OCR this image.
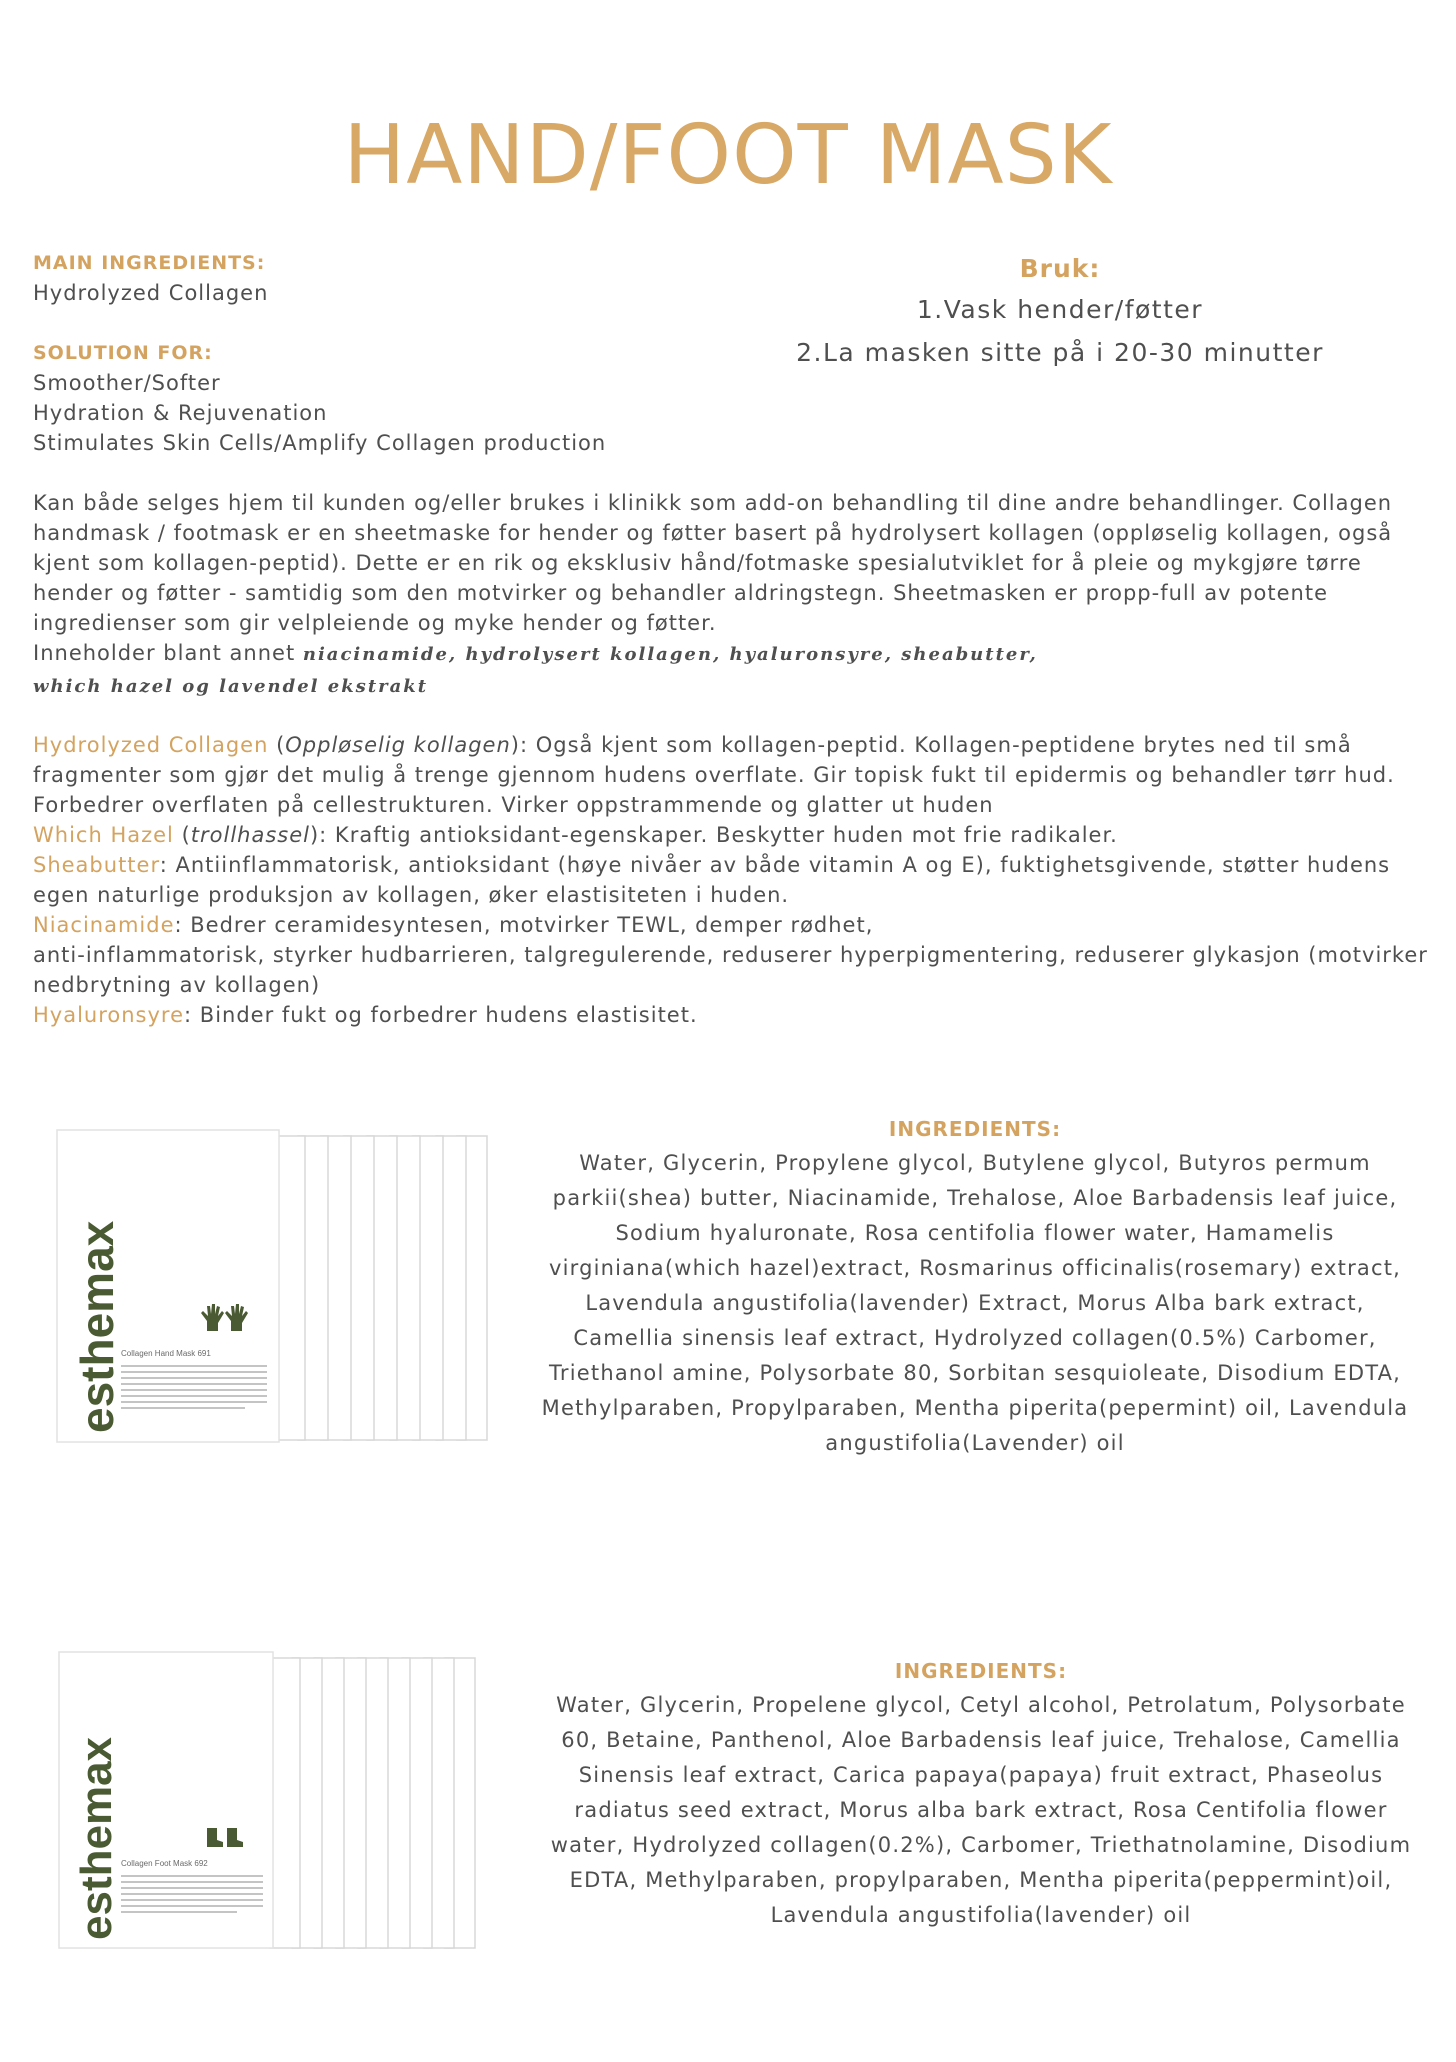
HAND/FOOT MASK
MAIN INGREDIENTS:
Hydrolyzed Collagen
SOLUTION FOR:
Smoother/Softer
Hydration & Rejuvenation
Stimulates Skin Cells/Amplify Collagen production
Bruk:
1.Vask hender/føtter
2.La masken sitte på i 20-30 minutter

Kan både selges hjem til kunden og/eller brukes i klinikk som add-on behandling til dine andre behandlinger. Collagen handmask / footmask er en sheetmaske for hender og føtter basert på hydrolysert kollagen (oppløselig kollagen, også kjent som kollagen-peptid). Dette er en rik og eksklusiv hånd/fotmaske spesialutviklet for å pleie og mykgjøre tørre hender og føtter - samtidig som den motvirker og behandler aldringstegn. Sheetmasken er propp-full av potente ingredienser som gir velpleiende og myke hender og føtter.

Inneholder blant annet niacinamide, hydrolysert kollagen, hyaluronsyre, sheabutter,

which hazel og lavendel ekstrakt

Hydrolyzed Collagen (Oppløselig kollagen): Også kjent som kollagen-peptid. Kollagen-peptidene brytes ned til små fragmenter som gjør det mulig å trenge gjennom hudens overflate. Gir topisk fukt til epidermis og behandler tørr hud. Forbedrer overflaten på cellestrukturen. Virker oppstrammende og glatter ut huden

Which Hazel (trollhassel): Kraftig antioksidant-egenskaper. Beskytter huden mot frie radikaler.

Sheabutter: Antiinflammatorisk, antioksidant (høye nivåer av både vitamin A og E), fuktighetsgivende, støtter hudens egen naturlige produksjon av kollagen, øker elastisiteten i huden.

Niacinamide: Bedrer ceramidesyntesen, motvirker TEWL, demper rødhet,

anti-inflammatorisk, styrker hudbarrieren, talgregulerende, reduserer hyperpigmentering, reduserer glykasjon (motvirker nedbrytning av kollagen)

Hyaluronsyre: Binder fukt og forbedrer hudens elastisitet.

esthemax
Collagen Hand Mask 691
INGREDIENTS:
Water, Glycerin, Propylene glycol, Butylene glycol, Butyros permum parkii(shea) butter, Niacinamide, Trehalose, Aloe Barbadensis leaf juice, Sodium hyaluronate, Rosa centifolia flower water, Hamamelis virginiana(which hazel)extract, Rosmarinus officinalis(rosemary) extract, Lavendula angustifolia(lavender) Extract, Morus Alba bark extract, Camellia sinensis leaf extract, Hydrolyzed collagen(0.5%) Carbomer, Triethanol amine, Polysorbate 80, Sorbitan sesquioleate, Disodium EDTA, Methylparaben, Propylparaben, Mentha piperita(pepermint) oil, Lavendula angustifolia(Lavender) oil
esthemax Collagen Foot Mask 692
INGREDIENTS:
Water, Glycerin, Propelene glycol, Cetyl alcohol, Petrolatum, Polysorbate 60, Betaine, Panthenol, Aloe Barbadensis leaf juice, Trehalose, Camellia Sinensis leaf extract, Carica papaya(papaya) fruit extract, Phaseolus radiatus seed extract, Morus alba bark extract, Rosa Centifolia flower water, Hydrolyzed collagen(0.2%), Carbomer, Triethatnolamine, Disodium EDTA, Methylparaben, propylparaben, Mentha piperita(peppermint)oil, Lavendula angustifolia(lavender) oil
